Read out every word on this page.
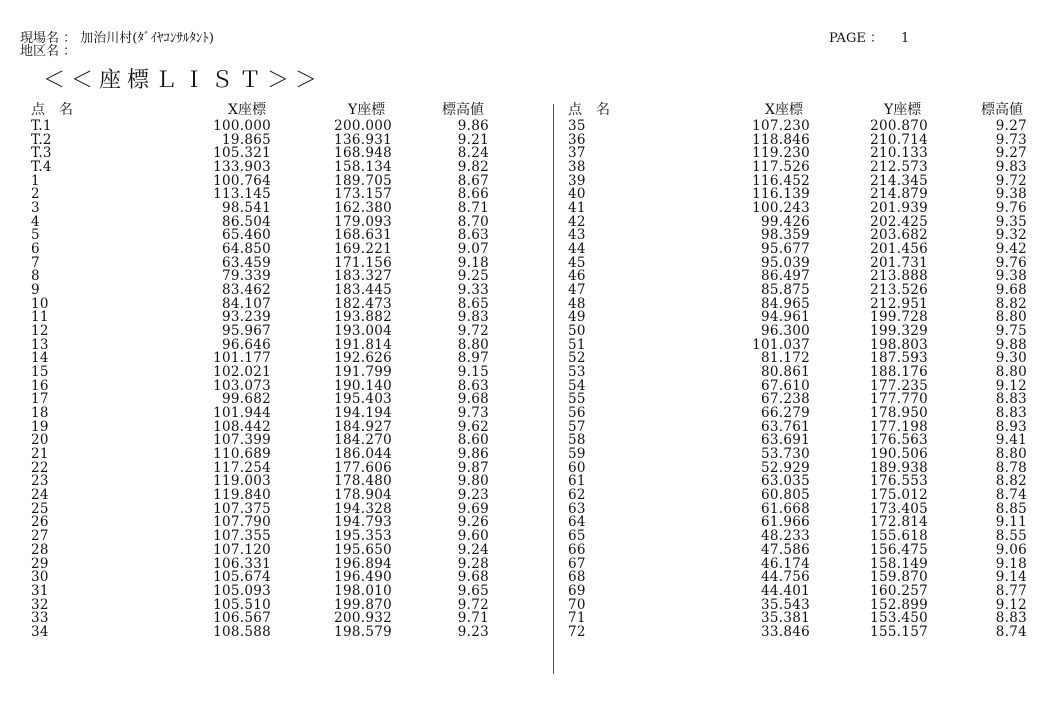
現場名 ： 加治川村(ﾀﾞｲﾔｺﾝｻﾙﾀﾝﾄ)
地区名 ：
PAGE ： 1
＜＜座標ＬＩＳＴ＞＞
点　名	X座標	Y座標	標高値	点　名	X座標	Y座標	標高値
T.1	100.000	200.000	9.86
T.2	19.865	136.931	9.21
T.3	105.321	168.948	8.24
T.4	133.903	158.134	9.82
1	100.764	189.705	8.67
2	113.145	173.157	8.66
3	98.541	162.380	8.71
4	86.504	179.093	8.70
5	65.460	168.631	8.63
6	64.850	169.221	9.07
7	63.459	171.156	9.18
8	79.339	183.327	9.25
9	83.462	183.445	9.33
10	84.107	182.473	8.65
11	93.239	193.882	9.83
12	95.967	193.004	9.72
13	96.646	191.814	8.80
14	101.177	192.626	8.97
15	102.021	191.799	9.15
16	103.073	190.140	8.63
17	99.682	195.403	9.68
18	101.944	194.194	9.73
19	108.442	184.927	9.62
20	107.399	184.270	8.60
21	110.689	186.044	9.86
22	117.254	177.606	9.87
23	119.003	178.480	9.80
24	119.840	178.904	9.23
25	107.375	194.328	9.69
26	107.790	194.793	9.26
27	107.355	195.353	9.60
28	107.120	195.650	9.24
29	106.331	196.894	9.28
30	105.674	196.490	9.68
31	105.093	198.010	9.65
32	105.510	199.870	9.72
33	106.567	200.932	9.71
34	108.588	198.579	9.23
35	107.230	200.870	9.27
36	118.846	210.714	9.73
37	119.230	210.133	9.27
38	117.526	212.573	9.83
39	116.452	214.345	9.72
40	116.139	214.879	9.38
41	100.243	201.939	9.76
42	99.426	202.425	9.35
43	98.359	203.682	9.32
44	95.677	201.456	9.42
45	95.039	201.731	9.76
46	86.497	213.888	9.38
47	85.875	213.526	9.68
48	84.965	212.951	8.82
49	94.961	199.728	8.80
50	96.300	199.329	9.75
51	101.037	198.803	9.88
52	81.172	187.593	9.30
53	80.861	188.176	8.80
54	67.610	177.235	9.12
55	67.238	177.770	8.83
56	66.279	178.950	8.83
57	63.761	177.198	8.93
58	63.691	176.563	9.41
59	53.730	190.506	8.80
60	52.929	189.938	8.78
61	63.035	176.553	8.82
62	60.805	175.012	8.74
63	61.668	173.405	8.85
64	61.966	172.814	9.11
65	48.233	155.618	8.55
66	47.586	156.475	9.06
67	46.174	158.149	9.18
68	44.756	159.870	9.14
69	44.401	160.257	8.77
70	35.543	152.899	9.12
71	35.381	153.450	8.83
72	33.846	155.157	8.74
